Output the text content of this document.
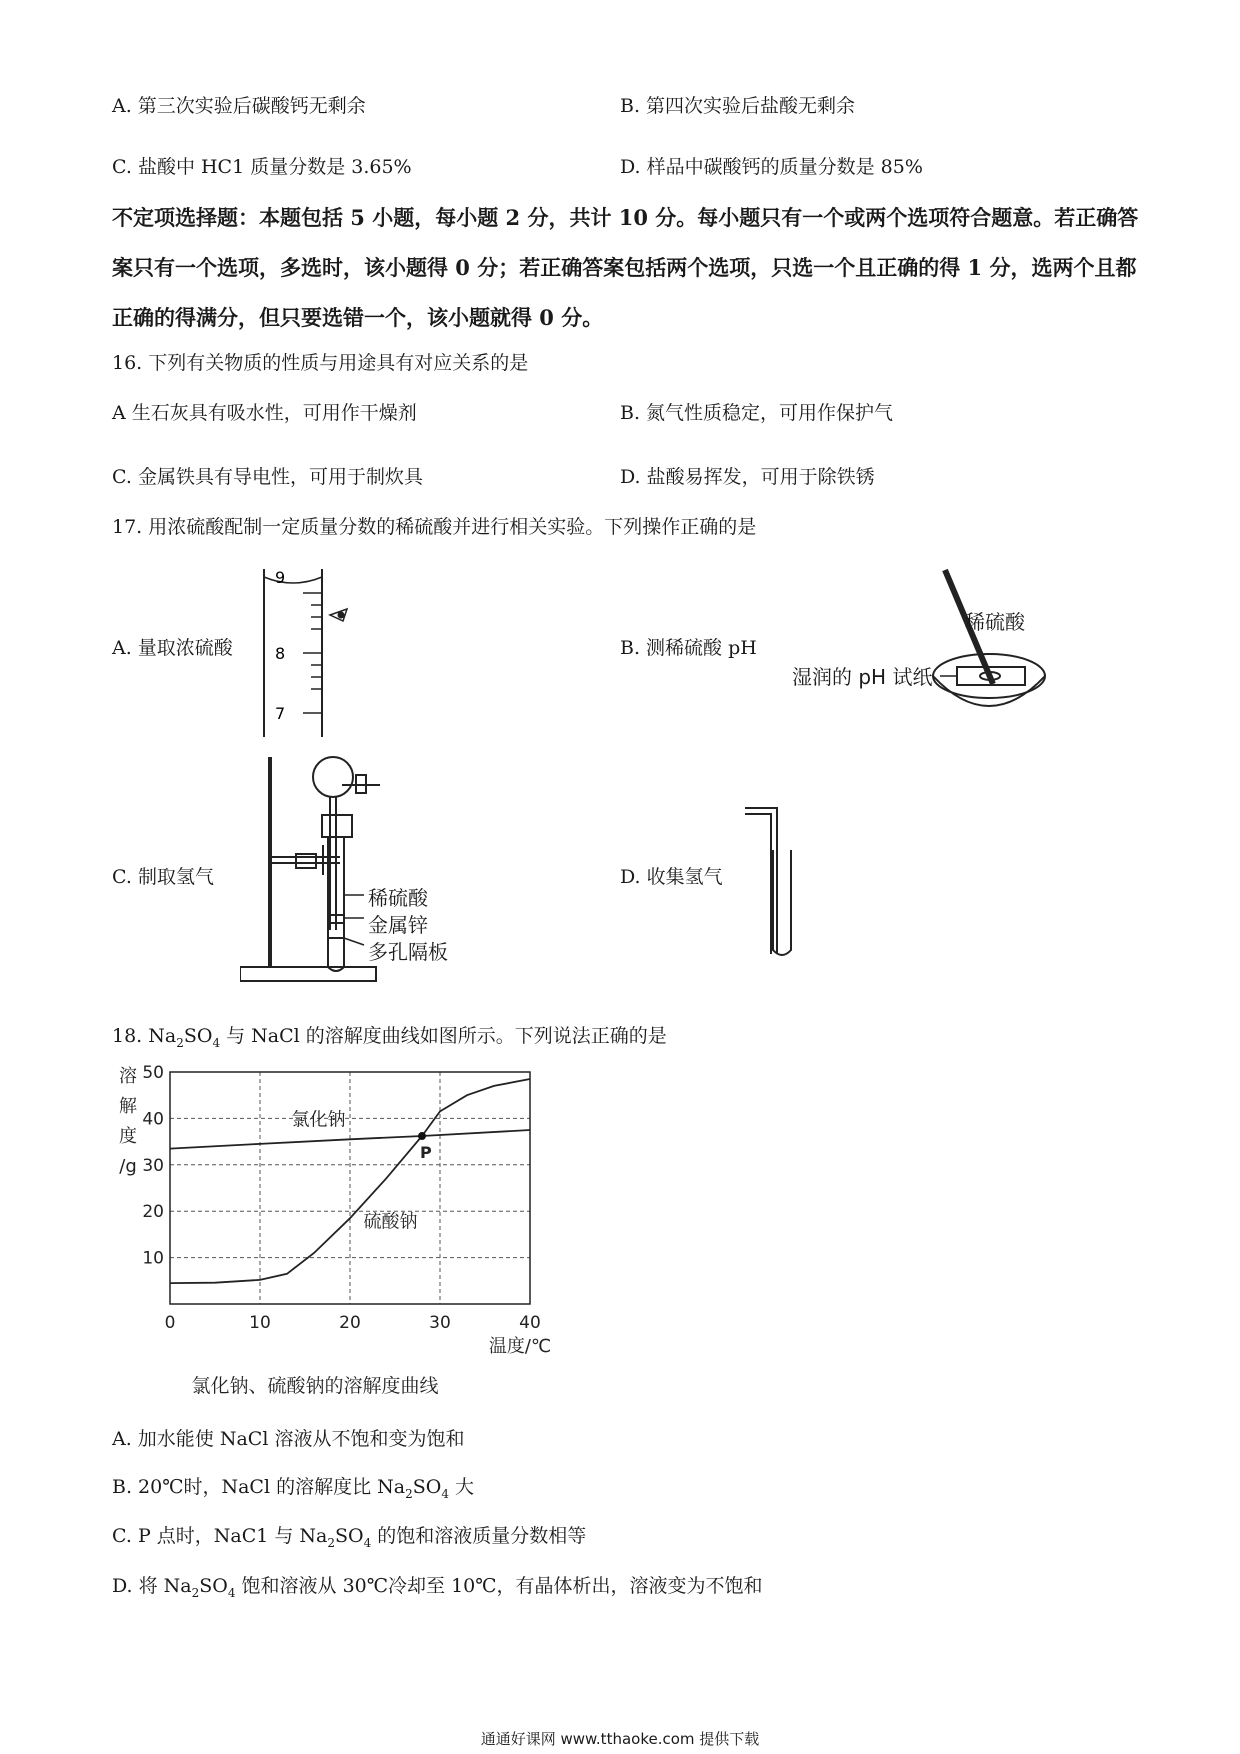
A. 第三次实验后碳酸钙无剩余	B. 第四次实验后盐酸无剩余
C. 盐酸中 HC1 质量分数是 3.65%	D. 样品中碳酸钙的质量分数是 85%
不定项选择题：本题包括 5 小题，每小题 2 分，共计 10 分。每小题只有一个或两个选项符合题意。若正确答案只有一个选项，多选时，该小题得 0 分；若正确答案包括两个选项，只选一个且正确的得 1 分，选两个且都正确的得满分，但只要选错一个，该小题就得 0 分。
16. 下列有关物质的性质与用途具有对应关系的是
A 生石灰具有吸水性，可用作干燥剂	B. 氮气性质稳定，可用作保护气
C. 金属铁具有导电性，可用于制炊具	D. 盐酸易挥发，可用于除铁锈
17. 用浓硫酸配制一定质量分数的稀硫酸并进行相关实验。下列操作正确的是
A. 量取浓硫酸	B. 测稀硫酸 pH
C. 制取氢气	D. 收集氢气
9
8
7
稀硫酸
湿润的 pH 试纸
稀硫酸
金属锌
多孔隔板
18. $Na_2SO_4$ 与 NaCl 的溶解度曲线如图所示。下列说法正确的是
0	10	20	30	40
10
20
30
40
50
溶
解
度
/g
温度/℃
氯化钠、硫酸钠的溶解度曲线
氯化钠
硫酸钠
P
A. 加水能使 NaCl 溶液从不饱和变为饱和
B. 20℃时，NaCl 的溶解度比 $Na_2SO_4$ 大
C. P 点时，NaC1 与 $Na_2SO_4$ 的饱和溶液质量分数相等
D. 将 $Na_2SO_4$ 饱和溶液从 30℃冷却至 10℃，有晶体析出，溶液变为不饱和
通通好课网 www.tthaoke.com 提供下载
